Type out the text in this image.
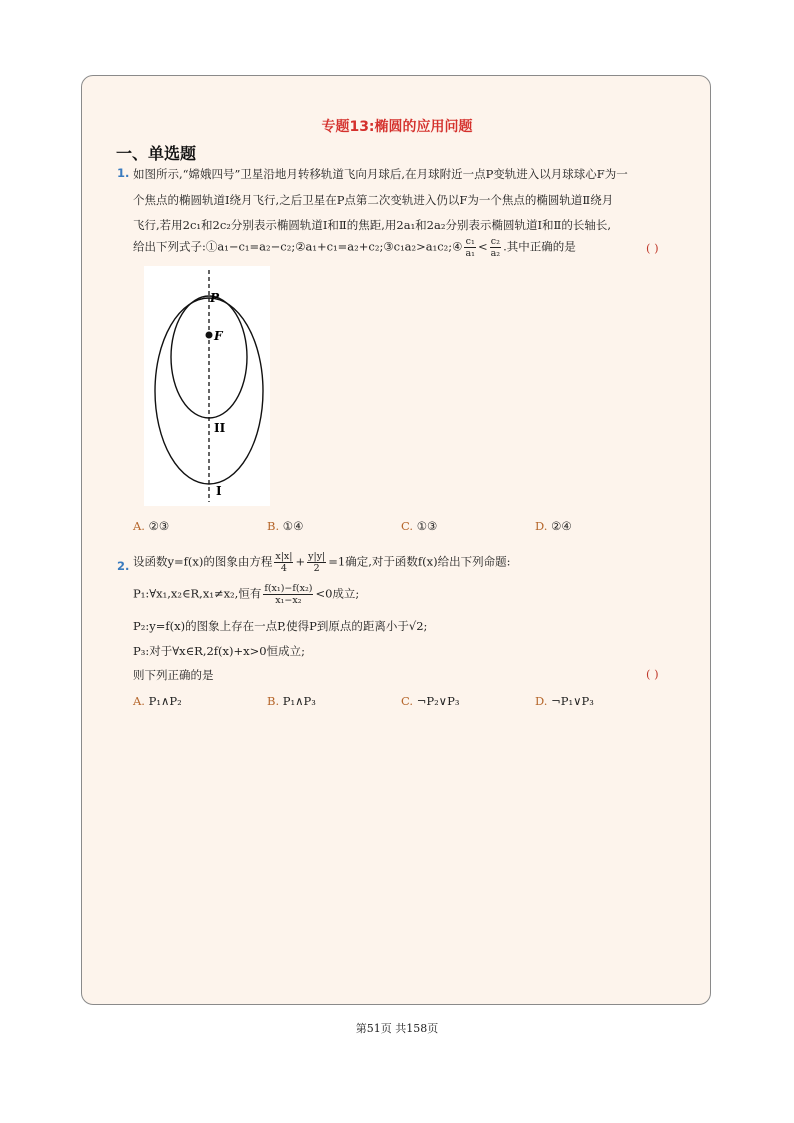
专题13:椭圆的应用问题
一、单选题
1. 如图所示,“嫦娥四号”卫星沿地月转移轨道飞向月球后,在月球附近一点P变轨进入以月球球心F为一
个焦点的椭圆轨道Ⅰ绕月飞行,之后卫星在P点第二次变轨进入仍以F为一个焦点的椭圆轨道Ⅱ绕月
飞行,若用2c₁和2c₂分别表示椭圆轨道Ⅰ和Ⅱ的焦距,用2a₁和2a₂分别表示椭圆轨道Ⅰ和Ⅱ的长轴长,
给出下列式子:①a₁−c₁=a₂−c₂;②a₁+c₁=a₂+c₂;③c₁a₂>a₁c₂;④ $\frac{\text{c₁}}{\text{a₁}} < \frac{\text{c₂}}{\text{a₂}}$ .其中正确的是	( )
P
F
II
I
A. ②③	B. ①④	C. ①③	D. ②④
2. 设函数y=f(x)的图象由方程 $\frac{x|x|}{4} + \frac{y|y|}{2} =1$确定,对于函数f(x)给出下列命题:
P₁:∀x₁,x₂∈R,x₁≠x₂,恒有 $\frac{\text{f(x₁)−f(x₂)}}{\text{x₁−x₂}} <0$成立;
P₂:y=f(x)的图象上存在一点P,使得P到原点的距离小于√2;
P₃:对于∀x∈R,2f(x)+x>0恒成立;
则下列正确的是	( )
A. P₁∧P₂	B. P₁∧P₃	C. ¬P₂∨P₃	D. ¬P₁∨P₃
第51页 共158页
